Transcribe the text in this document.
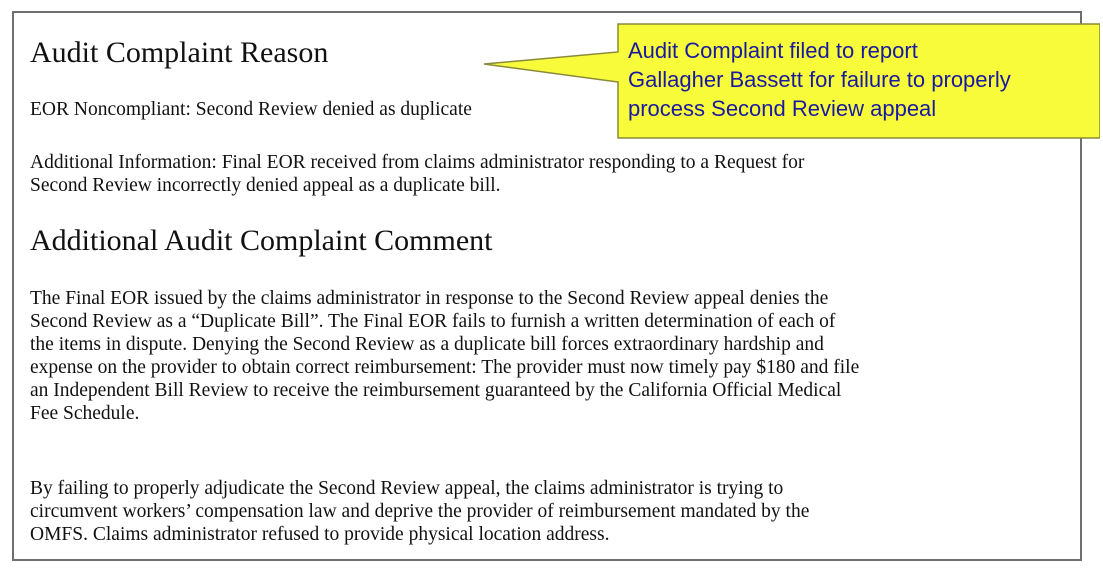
Audit Complaint Reason

EOR Noncompliant: Second Review denied as duplicate

Additional Information: Final EOR received from claims administrator responding to a Request for
Second Review incorrectly denied appeal as a duplicate bill.

Additional Audit Complaint Comment

The Final EOR issued by the claims administrator in response to the Second Review appeal denies the
Second Review as a “Duplicate Bill”. The Final EOR fails to furnish a written determination of each of
the items in dispute. Denying the Second Review as a duplicate bill forces extraordinary hardship and
expense on the provider to obtain correct reimbursement: The provider must now timely pay $180 and file
an Independent Bill Review to receive the reimbursement guaranteed by the California Official Medical
Fee Schedule.

By failing to properly adjudicate the Second Review appeal, the claims administrator is trying to
circumvent workers’ compensation law and deprive the provider of reimbursement mandated by the
OMFS. Claims administrator refused to provide physical location address.

Audit Complaint filed to report
Gallagher Bassett for failure to properly
process Second Review appeal
